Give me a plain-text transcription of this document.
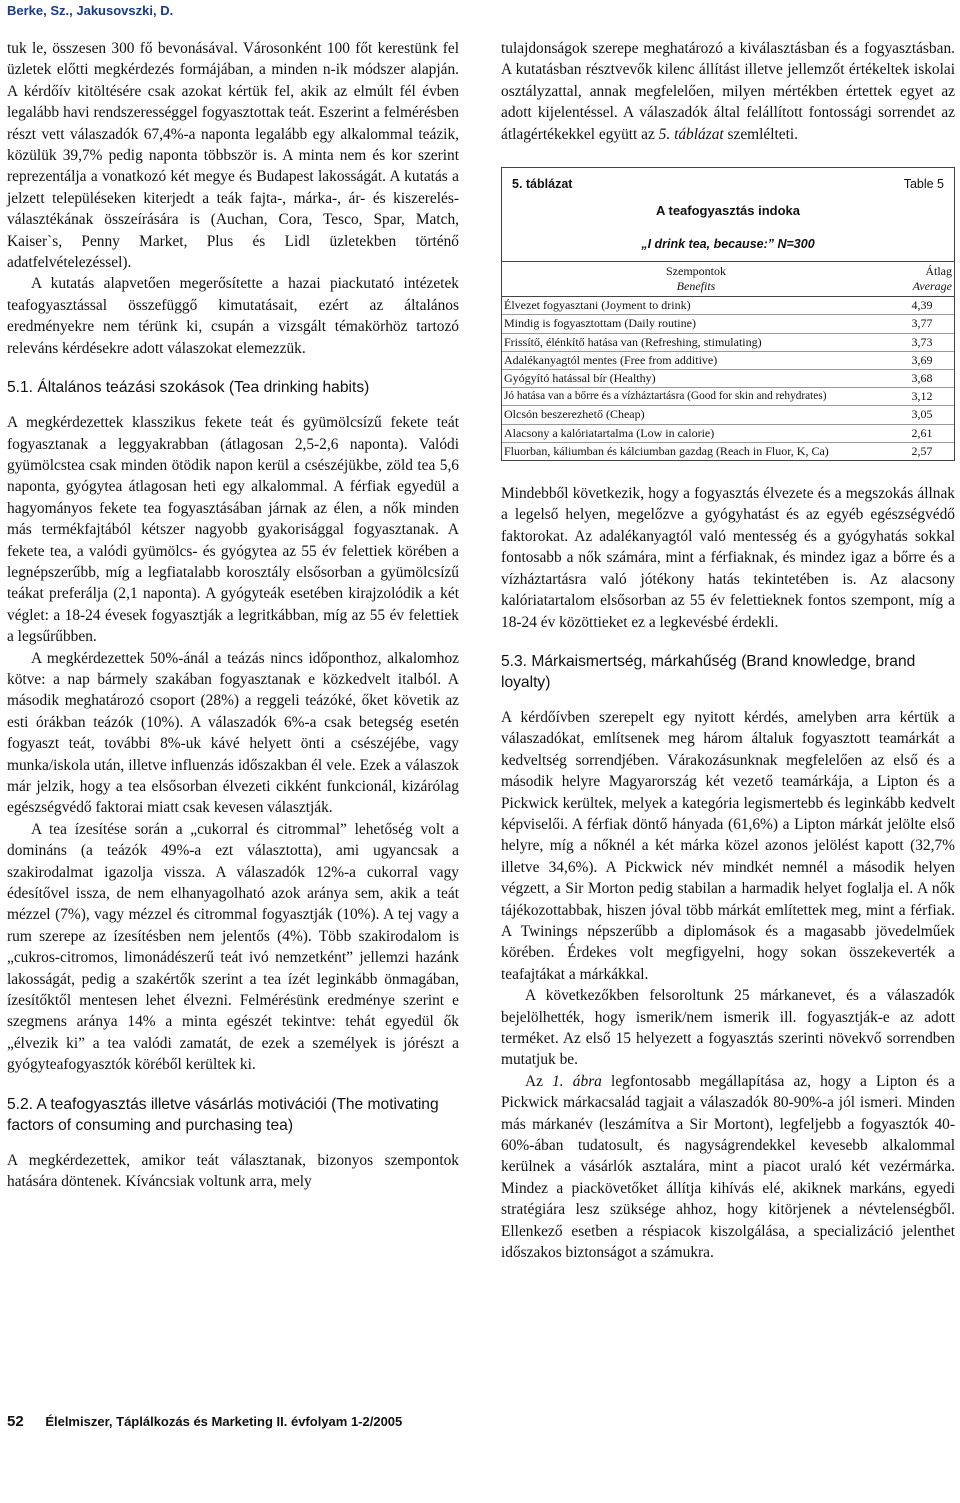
Berke, Sz., Jakusovszki, D.

tuk le, összesen 300 fő bevonásával. Városonként 100 főt kerestünk fel üzletek előtti megkérdezés formájában, a minden n-ik módszer alapján. A kérdőív kitöltésére csak azokat kértük fel, akik az elmúlt fél évben legalább havi rendszerességgel fogyasztottak teát. Eszerint a felmérésben részt vett válaszadók 67,4%-a naponta legalább egy alkalommal teázik, közülük 39,7% pedig naponta többször is. A minta nem és kor szerint reprezentálja a vonatkozó két megye és Budapest lakosságát. A kutatás a jelzett településeken kiterjedt a teák fajta-, márka-, ár- és kiszerelés-választékának összeírására is (Auchan, Cora, Tesco, Spar, Match, Kaiser`s, Penny Market, Plus és Lidl üzletekben történő adatfelvételezéssel).

A kutatás alapvetően megerősítette a hazai piackutató intézetek teafogyasztással összefüggő kimutatásait, ezért az általános eredményekre nem térünk ki, csupán a vizsgált témakörhöz tartozó releváns kérdésekre adott válaszokat elemezzük.

5.1. Általános teázási szokások (Tea drinking habits)

A megkérdezettek klasszikus fekete teát és gyümölcsízű fekete teát fogyasztanak a leggyakrabban (átlagosan 2,5-2,6 naponta). Valódi gyümölcstea csak minden ötödik napon kerül a csészéjükbe, zöld tea 5,6 naponta, gyógytea átlagosan heti egy alkalommal. A férfiak egyedül a hagyományos fekete tea fogyasztásában járnak az élen, a nők minden más termékfajtából kétszer nagyobb gyakorisággal fogyasztanak. A fekete tea, a valódi gyümölcs- és gyógytea az 55 év felettiek körében a legnépszerűbb, míg a legfiatalabb korosztály elsősorban a gyümölcsízű teákat preferálja (2,1 naponta). A gyógyteák esetében kirajzolódik a két véglet: a 18-24 évesek fogyasztják a legritkábban, míg az 55 év felettiek a legsűrűbben.

A megkérdezettek 50%-ánál a teázás nincs időponthoz, alkalomhoz kötve: a nap bármely szakában fogyasztanak e közkedvelt italból. A második meghatározó csoport (28%) a reggeli teázóké, őket követik az esti órákban teázók (10%). A válaszadók 6%-a csak betegség esetén fogyaszt teát, további 8%-uk kávé helyett önti a csészéjébe, vagy munka/iskola után, illetve influenzás időszakban él vele. Ezek a válaszok már jelzik, hogy a tea elsősorban élvezeti cikként funkcionál, kizárólag egészségvédő faktorai miatt csak kevesen választják.

A tea ízesítése során a „cukorral és citrommal” lehetőség volt a domináns (a teázók 49%-a ezt választotta), ami ugyancsak a szakirodalmat igazolja vissza. A válaszadók 12%-a cukorral vagy édesítővel issza, de nem elhanyagolható azok aránya sem, akik a teát mézzel (7%), vagy mézzel és citrommal fogyasztják (10%). A tej vagy a rum szerepe az ízesítésben nem jelentős (4%). Több szakirodalom is „cukros-citromos, limonádészerű teát ivó nemzetként” jellemzi hazánk lakosságát, pedig a szakértők szerint a tea ízét leginkább önmagában, ízesítőktől mentesen lehet élvezni. Felmérésünk eredménye szerint e szegmens aránya 14% a minta egészét tekintve: tehát egyedül ők „élvezik ki” a tea valódi zamatát, de ezek a személyek is jórészt a gyógyteafogyasztók köréből kerültek ki.

5.2. A teafogyasztás illetve vásárlás motivációi (The motivating factors of consuming and purchasing tea)

A megkérdezettek, amikor teát választanak, bizonyos szempontok hatására döntenek. Kíváncsiak voltunk arra, mely

tulajdonságok szerepe meghatározó a kiválasztásban és a fogyasztásban. A kutatásban résztvevők kilenc állítást illetve jellemzőt értékeltek iskolai osztályzattal, annak megfelelően, milyen mértékben értettek egyet az adott kijelentéssel. A válaszadók által felállított fontossági sorrendet az átlagértékekkel együtt az 5. táblázat szemlélteti.

5. táblázat	Table 5
A teafogyasztás indoka
„I drink tea, because:” N=300
Szempontok
Benefits	Átlag
Average
Élvezet fogyasztani (Joyment to drink)	4,39
Mindig is fogyasztottam (Daily routine)	3,77
Frissítő, élénkítő hatása van (Refreshing, stimulating)	3,73
Adalékanyagtól mentes (Free from additive)	3,69
Gyógyító hatással bír (Healthy)	3,68
Jó hatása van a bőrre és a vízháztartásra (Good for skin and rehydrates)	3,12
Olcsón beszerezhető (Cheap)	3,05
Alacsony a kalóriatartalma (Low in calorie)	2,61
Fluorban, káliumban és kálciumban gazdag (Reach in Fluor, K, Ca)	2,57

Mindebből következik, hogy a fogyasztás élvezete és a megszokás állnak a legelső helyen, megelőzve a gyógyhatást és az egyéb egészségvédő faktorokat. Az adalékanyagtól való mentesség és a gyógyhatás sokkal fontosabb a nők számára, mint a férfiaknak, és mindez igaz a bőrre és a vízháztartásra való jótékony hatás tekintetében is. Az alacsony kalóriatartalom elsősorban az 55 év felettieknek fontos szempont, míg a 18-24 év közöttieket ez a legkevésbé érdekli.

5.3. Márkaismertség, márkahűség (Brand knowledge, brand loyalty)

A kérdőívben szerepelt egy nyitott kérdés, amelyben arra kértük a válaszadókat, említsenek meg három általuk fogyasztott teamárkát a kedveltség sorrendjében. Várakozásunknak megfelelően az első és a második helyre Magyarország két vezető teamárkája, a Lipton és a Pickwick kerültek, melyek a kategória legismertebb és leginkább kedvelt képviselői. A férfiak döntő hányada (61,6%) a Lipton márkát jelölte első helyre, míg a nőknél a két márka közel azonos jelölést kapott (32,7% illetve 34,6%). A Pickwick név mindkét nemnél a második helyen végzett, a Sir Morton pedig stabilan a harmadik helyet foglalja el. A nők tájékozottabbak, hiszen jóval több márkát említettek meg, mint a férfiak. A Twinings népszerűbb a diplomások és a magasabb jövedelműek körében. Érdekes volt megfigyelni, hogy sokan összekeverték a teafajtákat a márkákkal.

A következőkben felsoroltunk 25 márkanevet, és a válaszadók bejelölhették, hogy ismerik/nem ismerik ill. fogyasztják-e az adott terméket. Az első 15 helyezett a fogyasztás szerinti növekvő sorrendben mutatjuk be.

Az 1. ábra legfontosabb megállapítása az, hogy a Lipton és a Pickwick márkacsalád tagjait a válaszadók 80-90%-a jól ismeri. Minden más márkanév (leszámítva a Sir Mortont), legfeljebb a fogyasztók 40-60%-ában tudatosult, és nagyságrendekkel kevesebb alkalommal kerülnek a vásárlók asztalára, mint a piacot uraló két vezérmárka. Mindez a piackövetőket állítja kihívás elé, akiknek markáns, egyedi stratégiára lesz szüksége ahhoz, hogy kitörjenek a névtelenségből. Ellenkező esetben a réspiacok kiszolgálása, a specializáció jelenthet időszakos biztonságot a számukra.

52 Élelmiszer, Táplálkozás és Marketing II. évfolyam 1-2/2005
